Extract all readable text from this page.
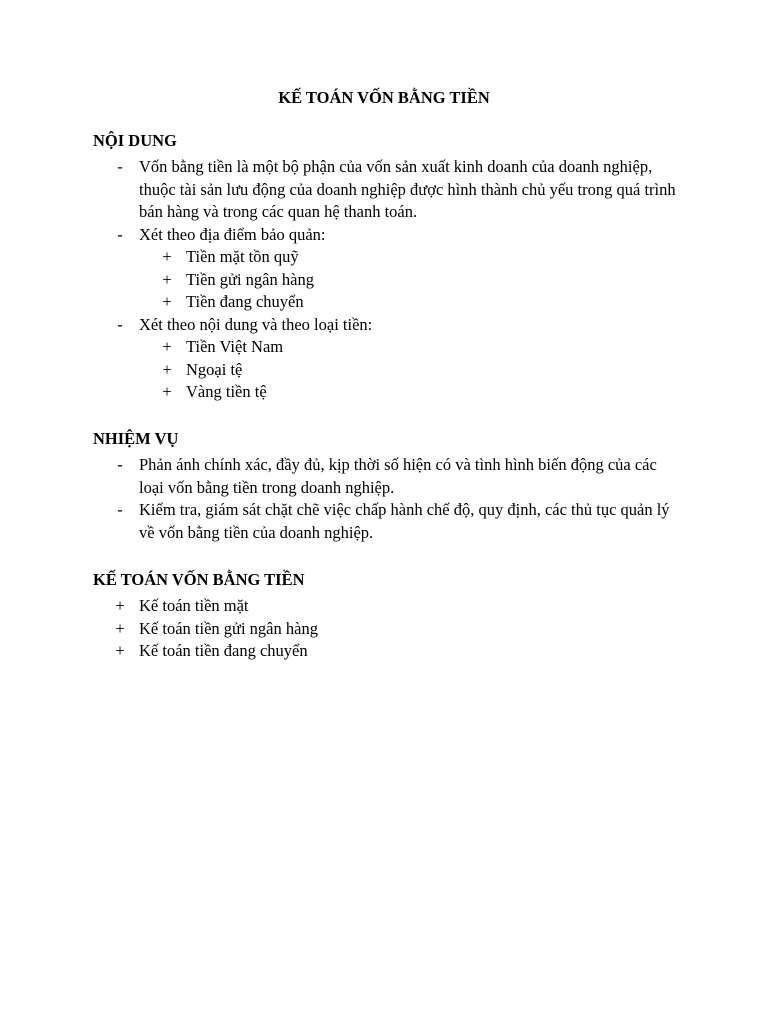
KẾ TOÁN VỐN BẰNG TIỀN
NỘI DUNG
- Vốn bằng tiền là một bộ phận của vốn sản xuất kinh doanh của doanh nghiệp, thuộc tài sản lưu động của doanh nghiệp được hình thành chủ yếu trong quá trình bán hàng và trong các quan hệ thanh toán.
- Xét theo địa điểm bảo quản:
+ Tiền mặt tồn quỹ
+ Tiền gửi ngân hàng
+ Tiền đang chuyển
- Xét theo nội dung và theo loại tiền:
+ Tiền Việt Nam
+ Ngoại tệ
+ Vàng tiền tệ
NHIỆM VỤ
- Phản ánh chính xác, đầy đủ, kịp thời số hiện có và tình hình biến động của các loại vốn bằng tiền trong doanh nghiệp.
- Kiểm tra, giám sát chặt chẽ việc chấp hành chế độ, quy định, các thủ tục quản lý về vốn bằng tiền của doanh nghiệp.
KẾ TOÁN VỐN BẰNG TIỀN
+ Kế toán tiền mặt
+ Kế toán tiền gửi ngân hàng
+ Kế toán tiền đang chuyển
